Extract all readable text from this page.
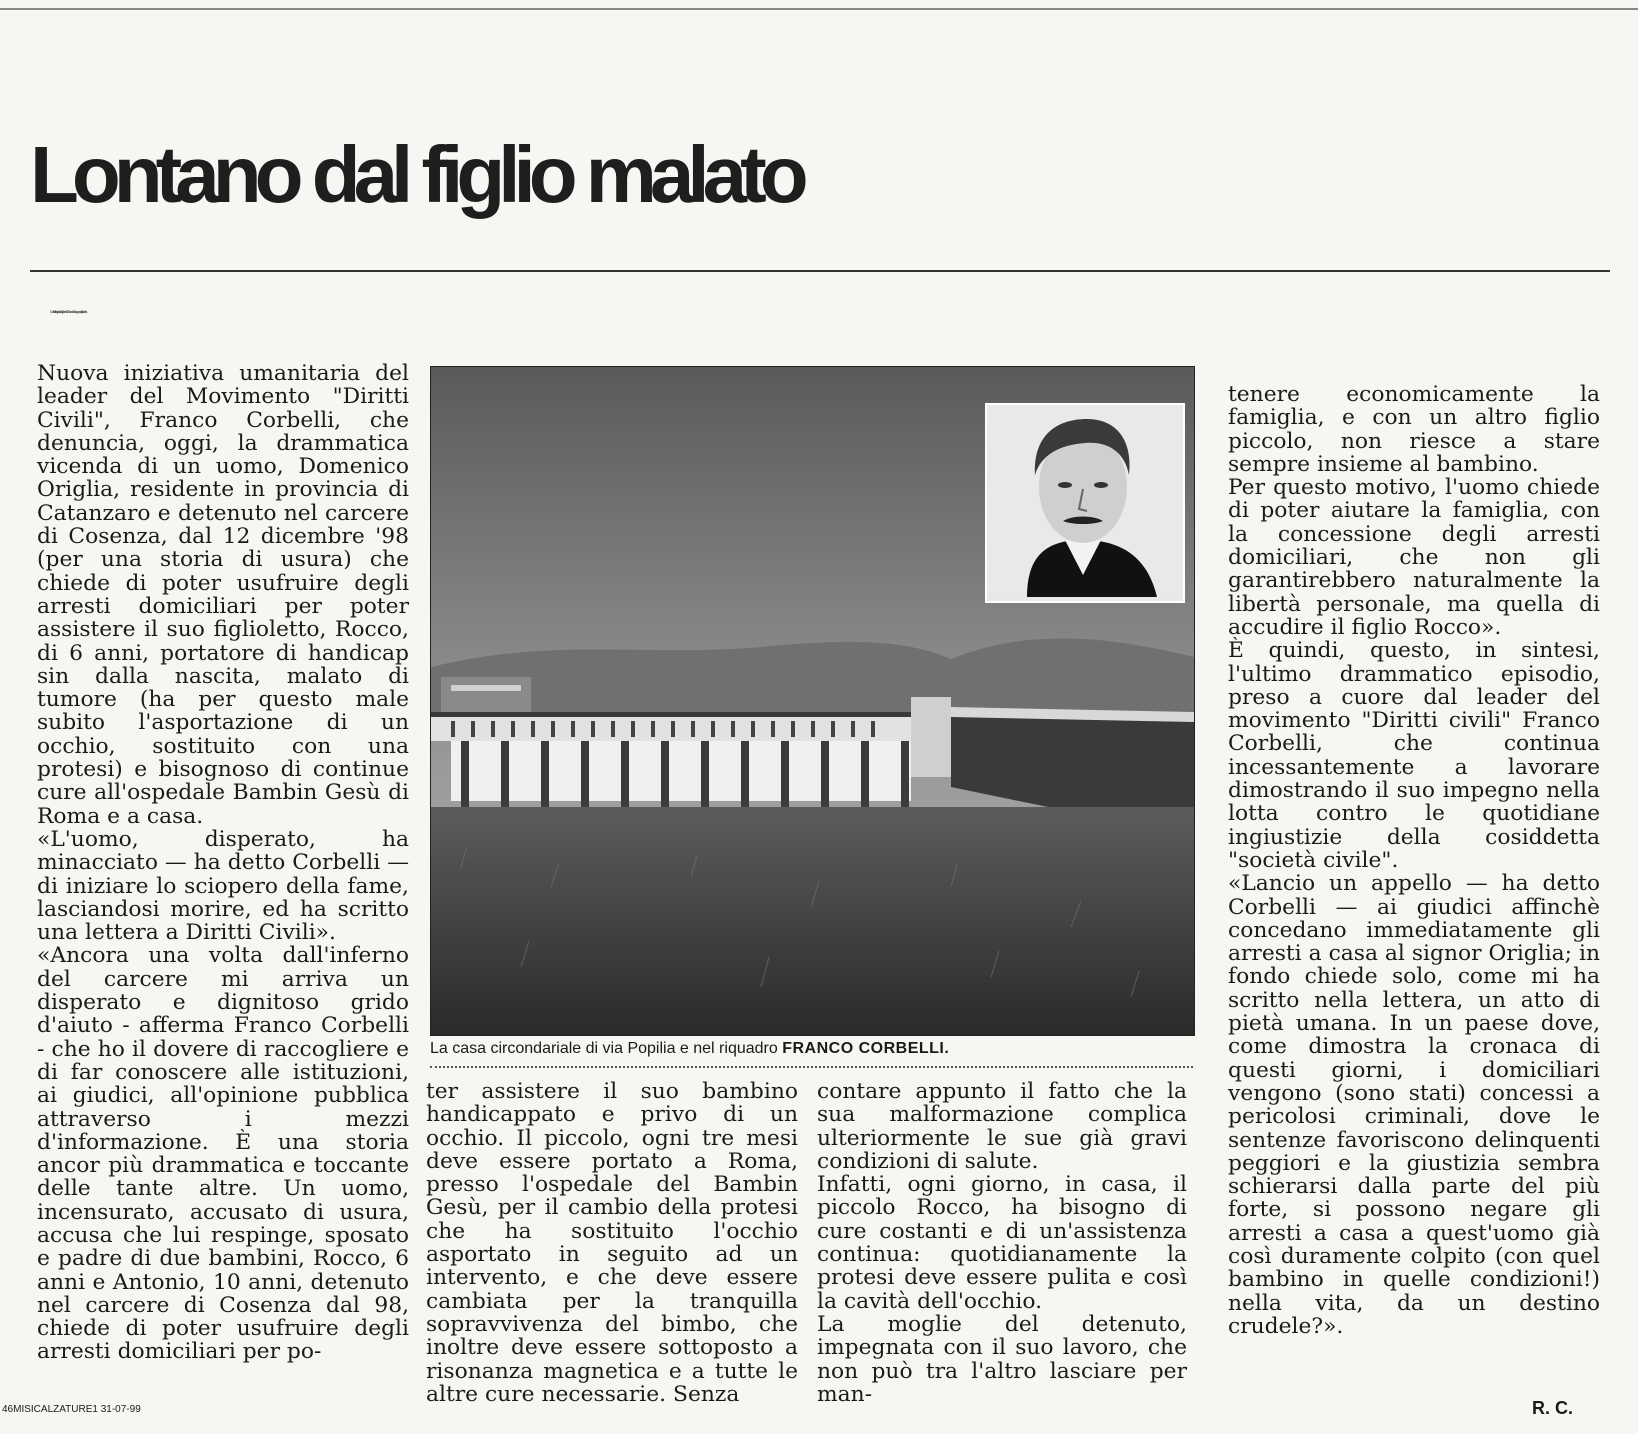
Lontano dal figlio malato
Corbelli ai giudici: «Il piccolo Rocco ha bisogno del padre»

Nuova iniziativa umanitaria del leader del Movimento "Diritti Civili", Franco Corbelli, che denuncia, oggi, la drammatica vicenda di un uomo, Domenico Origlia, residente in provincia di Catanzaro e detenuto nel carcere di Cosenza, dal 12 dicembre '98 (per una storia di usura) che chiede di poter usufruire degli arresti domiciliari per poter assistere il suo figlioletto, Rocco, di 6 anni, portatore di handicap sin dalla nascita, malato di tumore (ha per questo male subito l'asportazione di un occhio, sostituito con una protesi) e bisognoso di continue cure all'ospedale Bambin Gesù di Roma e a casa.

«L'uomo, disperato, ha minacciato — ha detto Corbelli — di iniziare lo sciopero della fame, lasciandosi morire, ed ha scritto una lettera a Diritti Civili».

«Ancora una volta dall'inferno del carcere mi arriva un disperato e dignitoso grido d'aiuto - afferma Franco Corbelli - che ho il dovere di raccogliere e di far conoscere alle istituzioni, ai giudici, all'opinione pubblica attraverso i mezzi d'informazione. È una storia ancor più drammatica e toccante delle tante altre. Un uomo, incensurato, accusato di usura, accusa che lui respinge, sposato e padre di due bambini, Rocco, 6 anni e Antonio, 10 anni, detenuto nel carcere di Cosenza dal 98, chiede di poter usufruire degli arresti domiciliari per po-

La casa circondariale di via Popilia e nel riquadro FRANCO CORBELLI.

ter assistere il suo bambino handicappato e privo di un occhio. Il piccolo, ogni tre mesi deve essere portato a Roma, presso l'ospedale del Bambin Gesù, per il cambio della protesi che ha sostituito l'occhio asportato in seguito ad un intervento, e che deve essere cambiata per la tranquilla sopravvivenza del bimbo, che inoltre deve essere sottoposto a risonanza magnetica e a tutte le altre cure necessarie. Senza

contare appunto il fatto che la sua malformazione complica ulteriormente le sue già gravi condizioni di salute.

Infatti, ogni giorno, in casa, il piccolo Rocco, ha bisogno di cure costanti e di un'assistenza continua: quotidianamente la protesi deve essere pulita e così la cavità dell'occhio.

La moglie del detenuto, impegnata con il suo lavoro, che non può tra l'altro lasciare per man-

tenere economicamente la famiglia, e con un altro figlio piccolo, non riesce a stare sempre insieme al bambino.

Per questo motivo, l'uomo chiede di poter aiutare la famiglia, con la concessione degli arresti domiciliari, che non gli garantirebbero naturalmente la libertà personale, ma quella di accudire il figlio Rocco».

È quindi, questo, in sintesi, l'ultimo drammatico episodio, preso a cuore dal leader del movimento "Diritti civili" Franco Corbelli, che continua incessantemente a lavorare dimostrando il suo impegno nella lotta contro le quotidiane ingiustizie della cosiddetta "società civile".

«Lancio un appello — ha detto Corbelli — ai giudici affinchè concedano immediatamente gli arresti a casa al signor Origlia; in fondo chiede solo, come mi ha scritto nella lettera, un atto di pietà umana. In un paese dove, come dimostra la cronaca di questi giorni, i domiciliari vengono (sono stati) concessi a pericolosi criminali, dove le sentenze favoriscono delinquenti peggiori e la giustizia sembra schierarsi dalla parte del più forte, si possono negare gli arresti a casa a quest'uomo già così duramente colpito (con quel bambino in quelle condizioni!) nella vita, da un destino crudele?».

46MISICALZATURE1 31-07-99	R. C.
